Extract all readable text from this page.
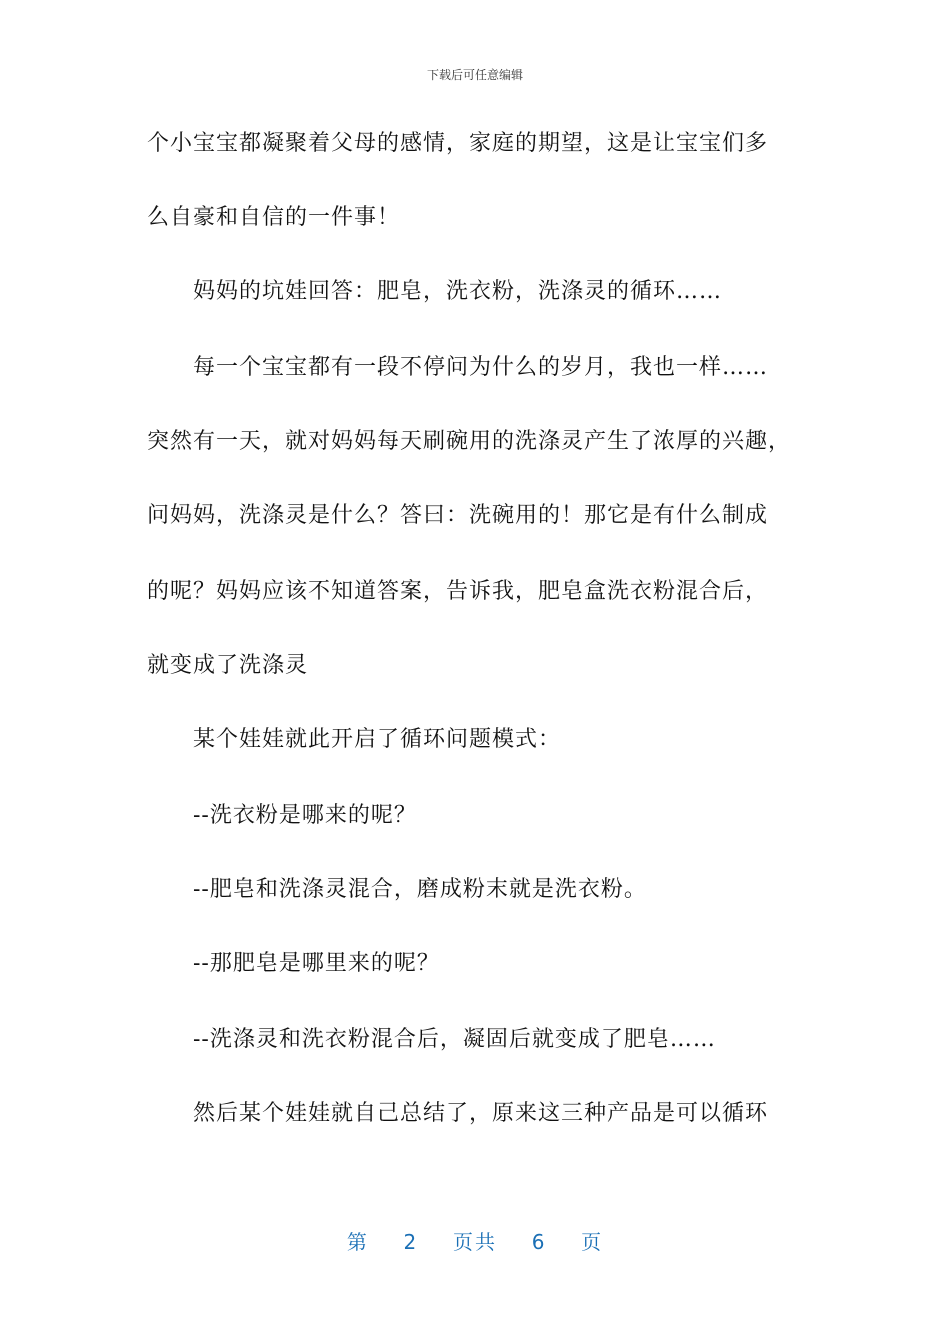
下载后可任意编辑
个小宝宝都凝聚着父母的感情，家庭的期望，这是让宝宝们多
么自豪和自信的一件事！
妈妈的坑娃回答：肥皂，洗衣粉，洗涤灵的循环……
每一个宝宝都有一段不停问为什么的岁月，我也一样……
突然有一天，就对妈妈每天刷碗用的洗涤灵产生了浓厚的兴趣，
问妈妈，洗涤灵是什么？答曰：洗碗用的！那它是有什么制成
的呢？妈妈应该不知道答案，告诉我，肥皂盒洗衣粉混合后，
就变成了洗涤灵
某个娃娃就此开启了循环问题模式：
--洗衣粉是哪来的呢？
--肥皂和洗涤灵混合，磨成粉末就是洗衣粉。
--那肥皂是哪里来的呢？
--洗涤灵和洗衣粉混合后，凝固后就变成了肥皂……
然后某个娃娃就自己总结了，原来这三种产品是可以循环
第 2 页共 6 页
